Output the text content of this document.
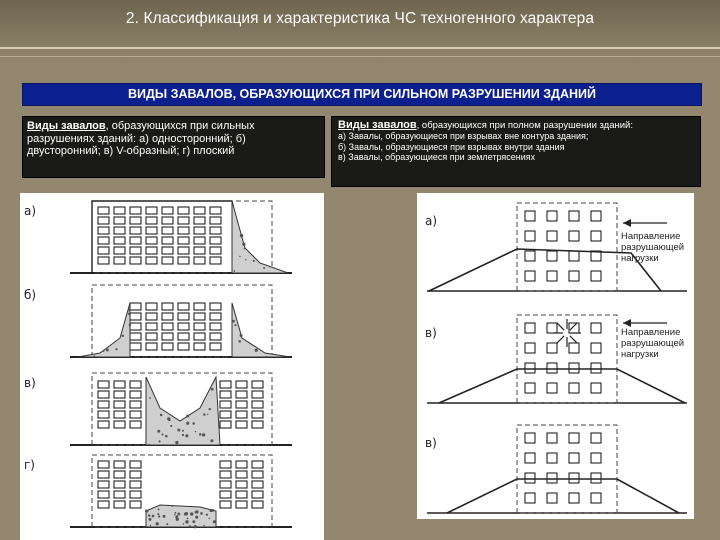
2. Классификация и характеристика ЧС техногенного характера
ВИДЫ ЗАВАЛОВ, ОБРАЗУЮЩИХСЯ ПРИ СИЛЬНОМ РАЗРУШЕНИИ ЗДАНИЙ
Виды завалов, образующихся при сильных разрушениях зданий: а) односторонний; б) двусторонний; в) V-образный; г) плоский
Виды завалов, образующихся при полном разрушении зданий:
а) Завалы, образующиеся при взрывах вне контура здания;
б) Завалы, образующиеся при взрывах внутри здания
в) Завалы, образующиеся при землетрясениях
а)
б)
в)
г)
а)
в)
в)
Направление
разрушающей
нагрузки
Направление
разрушающей
нагрузки
